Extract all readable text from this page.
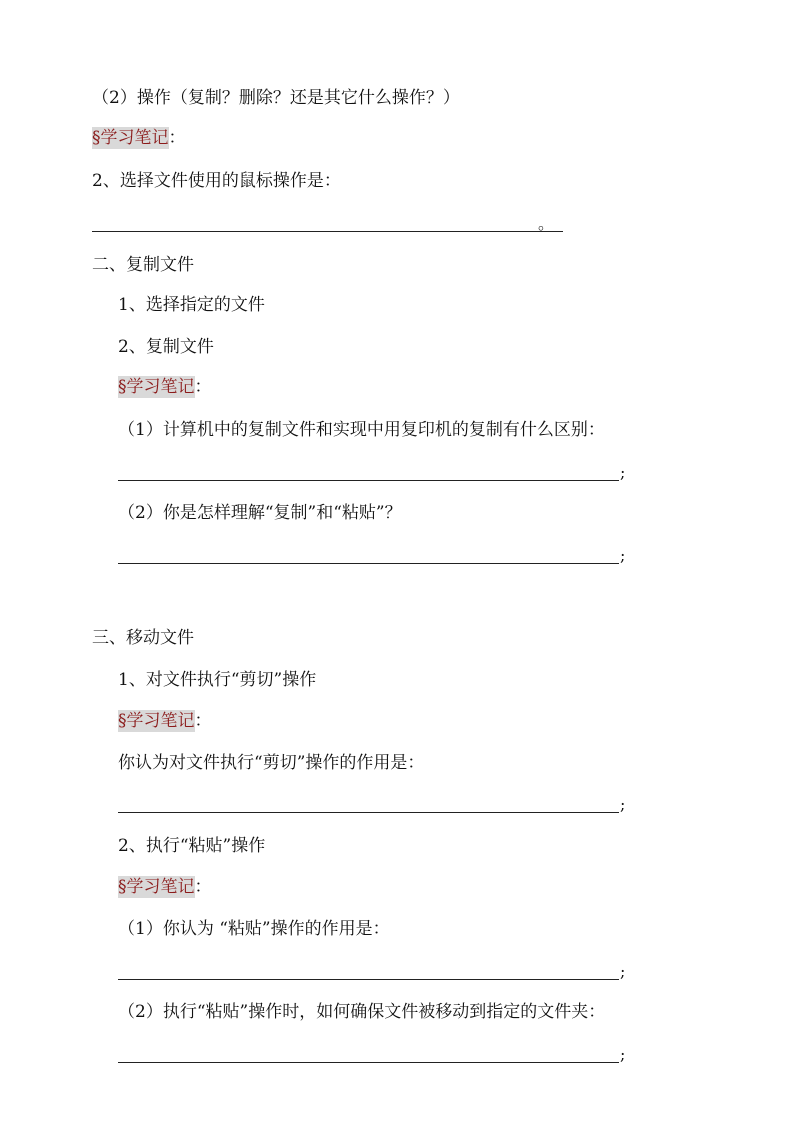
（2）操作（复制？删除？还是其它什么操作？）
§学习笔记：
2、选择文件使用的鼠标操作是：
。
二、复制文件
1、选择指定的文件
2、复制文件
§学习笔记：
（1）计算机中的复制文件和实现中用复印机的复制有什么区别：
;
（2）你是怎样理解“复制”和“粘贴”？
;
三、移动文件
1、对文件执行“剪切”操作
§学习笔记：
你认为对文件执行“剪切”操作的作用是：
;
2、执行“粘贴”操作
§学习笔记：
（1）你认为 “粘贴”操作的作用是：
;
（2）执行“粘贴”操作时，如何确保文件被移动到指定的文件夹：
;
